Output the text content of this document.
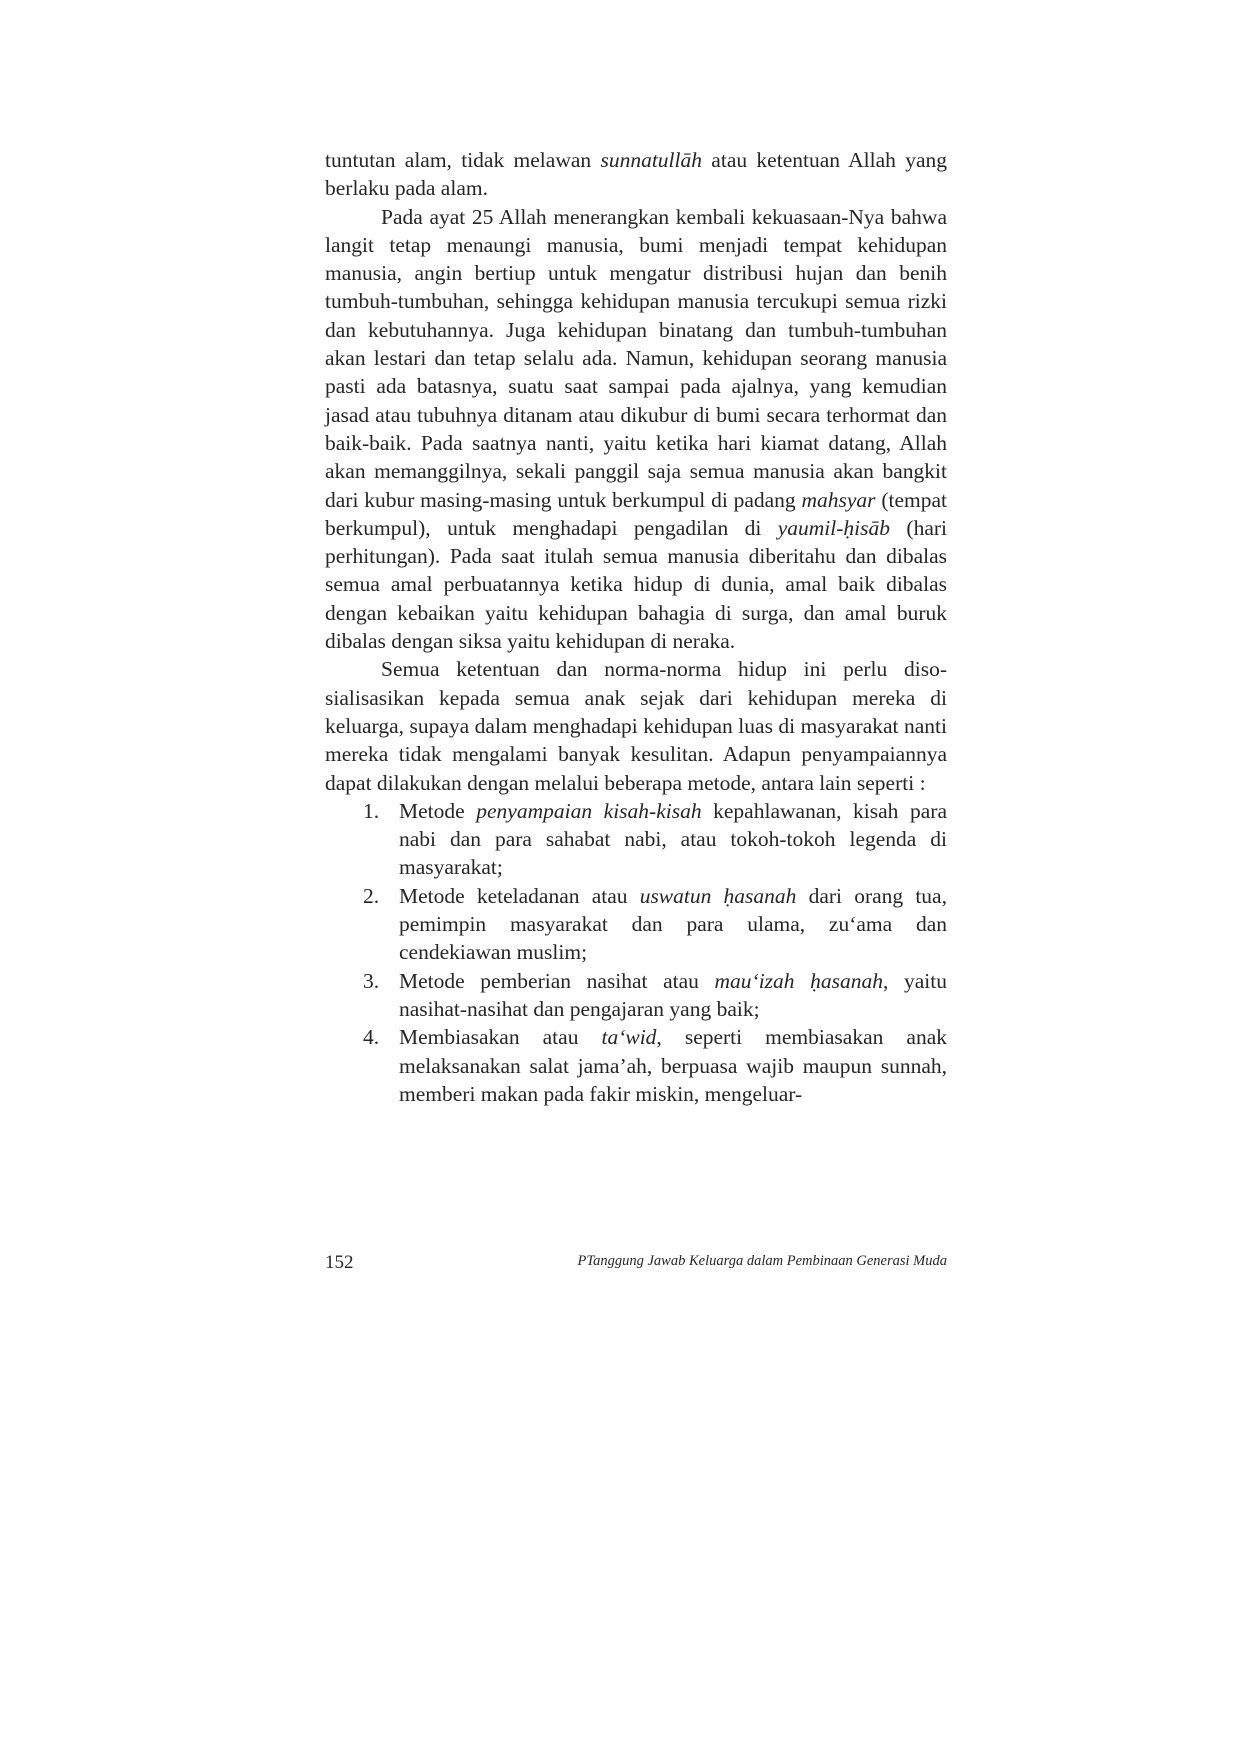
tuntutan alam, tidak melawan sunnatullāh atau ketentuan Allah yang berlaku pada alam.

Pada ayat 25 Allah menerangkan kembali kekuasaan-Nya bahwa langit tetap menaungi manusia, bumi menjadi tempat kehidupan manusia, angin bertiup untuk mengatur distribusi hujan dan benih tumbuh-tumbuhan, sehingga kehidupan manusia tercukupi semua rizki dan kebutuhannya. Juga kehidupan binatang dan tumbuh-tumbuhan akan lestari dan tetap selalu ada. Namun, kehidupan seorang manusia pasti ada batasnya, suatu saat sampai pada ajalnya, yang kemudian jasad atau tubuhnya ditanam atau dikubur di bumi secara terhormat dan baik-baik. Pada saatnya nanti, yaitu ketika hari kiamat datang, Allah akan memanggilnya, sekali panggil saja semua manusia akan bangkit dari kubur masing-masing untuk berkumpul di padang mahsyar (tempat berkumpul), untuk menghadapi pengadilan di yaumil-ḥisāb (hari perhitungan). Pada saat itulah semua manusia diberitahu dan dibalas semua amal perbuatannya ketika hidup di dunia, amal baik dibalas dengan kebaikan yaitu kehidupan bahagia di surga, dan amal buruk dibalas dengan siksa yaitu kehidupan di neraka.

Semua ketentuan dan norma-norma hidup ini perlu disosialisasikan kepada semua anak sejak dari kehidupan mereka di keluarga, supaya dalam menghadapi kehidupan luas di masyarakat nanti mereka tidak mengalami banyak kesulitan. Adapun penyampaiannya dapat dilakukan dengan melalui beberapa metode, antara lain seperti :

1. Metode penyampaian kisah-kisah kepahlawanan, kisah para nabi dan para sahabat nabi, atau tokoh-tokoh legenda di masyarakat;
2. Metode keteladanan atau uswatun ḥasanah dari orang tua, pemimpin masyarakat dan para ulama, zu‘ama dan cendekiawan muslim;
3. Metode pemberian nasihat atau mau‘izah ḥasanah, yaitu nasihat-nasihat dan pengajaran yang baik;
4. Membiasakan atau ta‘wid, seperti membiasakan anak melaksanakan salat jama’ah, berpuasa wajib maupun sunnah, memberi makan pada fakir miskin, mengeluar-
152	PTanggung Jawab Keluarga dalam Pembinaan Generasi Muda
